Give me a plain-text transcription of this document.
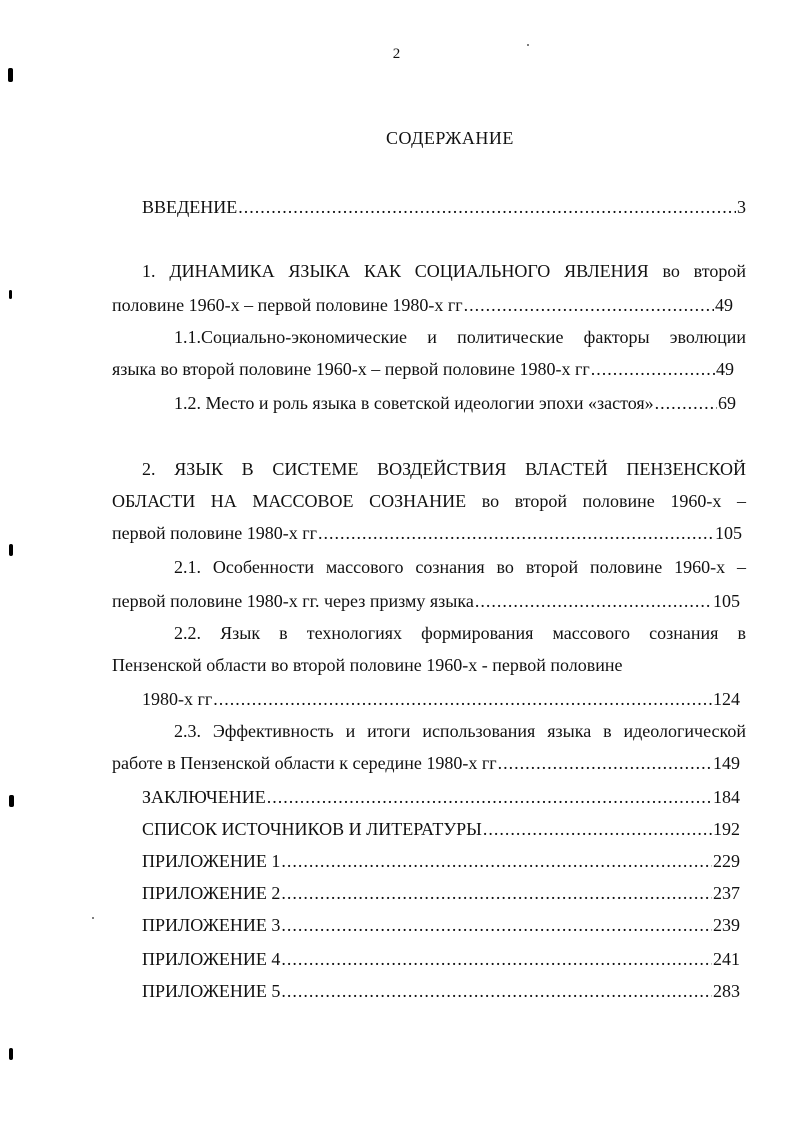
2
СОДЕРЖАНИЕ
ВВЕДЕНИЕ .....	3
1. ДИНАМИКА ЯЗЫКА КАК СОЦИАЛЬНОГО ЯВЛЕНИЯ во второй
половине 1960-х – первой половине 1980-х гг .....	49
1.1.Социально-экономические и политические факторы эволюции
языка во второй половине 1960-х – первой половине 1980-х гг .....	49
1.2. Место и роль языка в советской идеологии эпохи «застоя» .....	69
2. ЯЗЫК В СИСТЕМЕ ВОЗДЕЙСТВИЯ ВЛАСТЕЙ ПЕНЗЕНСКОЙ
ОБЛАСТИ НА МАССОВОЕ СОЗНАНИЕ во второй половине 1960-х –
первой половине 1980-х гг .....	105
2.1. Особенности массового сознания во второй половине 1960-х –
первой половине 1980-х гг. через призму языка .....	105
2.2. Язык в технологиях формирования массового сознания в
Пензенской области во второй половине 1960-х - первой половине
1980-х гг .....	124
2.3. Эффективность и итоги использования языка в идеологической
работе в Пензенской области к середине 1980-х гг .....	149
ЗАКЛЮЧЕНИЕ .....	184
СПИСОК ИСТОЧНИКОВ И ЛИТЕРАТУРЫ .....	192
ПРИЛОЖЕНИЕ 1 .....	229
ПРИЛОЖЕНИЕ 2 .....	237
ПРИЛОЖЕНИЕ 3 .....	239
ПРИЛОЖЕНИЕ 4 .....	241
ПРИЛОЖЕНИЕ 5 .....	283
